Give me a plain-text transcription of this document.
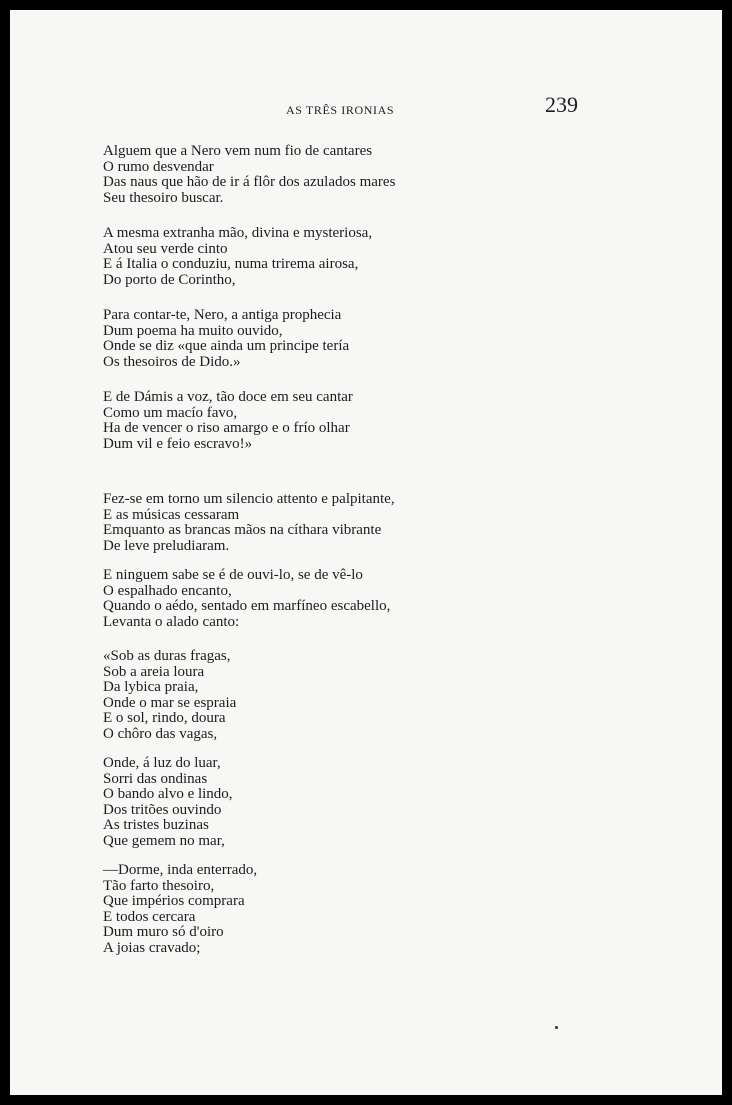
AS TRÊS IRONIAS	239
Alguem que a Nero vem num fio de cantares
O rumo desvendar
Das naus que hão de ir á flôr dos azulados mares
Seu thesoiro buscar.
A mesma extranha mão, divina e mysteriosa,
Atou seu verde cinto
E á Italia o conduziu, numa trirema airosa,
Do porto de Corintho,
Para contar-te, Nero, a antiga prophecia
Dum poema ha muito ouvido,
Onde se diz «que ainda um principe tería
Os thesoiros de Dido.»
E de Dámis a voz, tão doce em seu cantar
Como um macío favo,
Ha de vencer o riso amargo e o frío olhar
Dum vil e feio escravo!»
Fez-se em torno um silencio attento e palpitante,
E as músicas cessaram
Emquanto as brancas mãos na cíthara vibrante
De leve preludiaram.
E ninguem sabe se é de ouvi-lo, se de vê-lo
O espalhado encanto,
Quando o aédo, sentado em marfíneo escabello,
Levanta o alado canto:
«Sob as duras fragas,
Sob a areia loura
Da lybica praia,
Onde o mar se espraia
E o sol, rindo, doura
O chôro das vagas,
Onde, á luz do luar,
Sorri das ondinas
O bando alvo e lindo,
Dos tritões ouvindo
As tristes buzinas
Que gemem no mar,
—Dorme, inda enterrado,
Tão farto thesoiro,
Que impérios comprara
E todos cercara
Dum muro só d'oiro
A joias cravado;
